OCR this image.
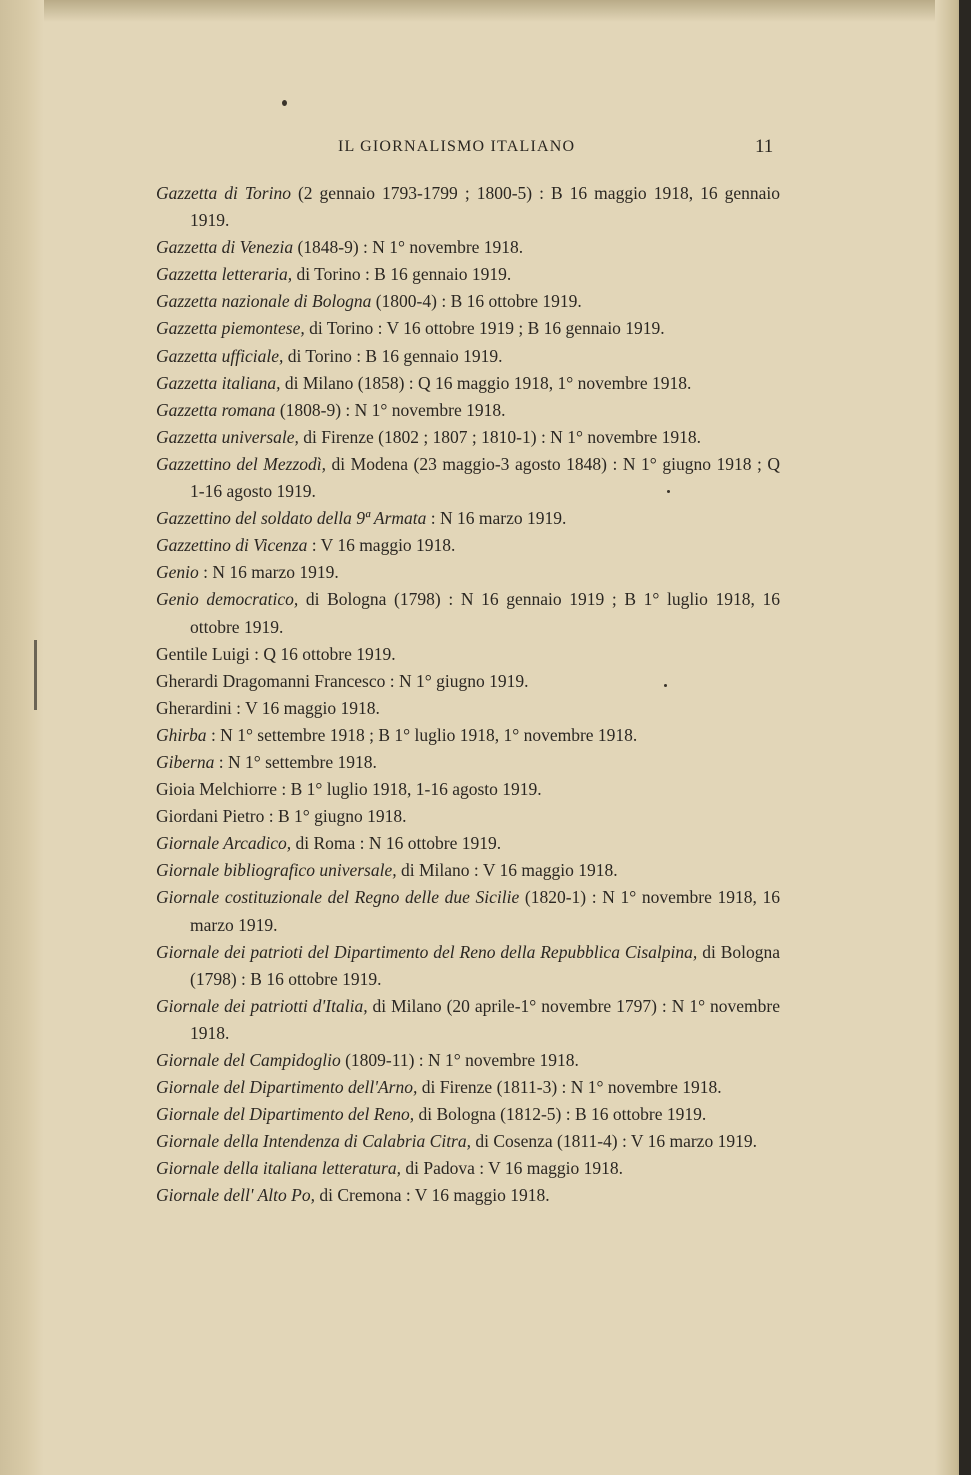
IL GIORNALISMO ITALIANO	11
Gazzetta di Torino (2 gennaio 1793-1799 ; 1800-5) : B 16 maggio 1918, 16 gennaio 1919.
Gazzetta di Venezia (1848-9) : N 1° novembre 1918.
Gazzetta letteraria, di Torino : B 16 gennaio 1919.
Gazzetta nazionale di Bologna (1800-4) : B 16 ottobre 1919.
Gazzetta piemontese, di Torino : V 16 ottobre 1919 ; B 16 gennaio 1919.
Gazzetta ufficiale, di Torino : B 16 gennaio 1919.
Gazzetta italiana, di Milano (1858) : Q 16 maggio 1918, 1° novembre 1918.
Gazzetta romana (1808-9) : N 1° novembre 1918.
Gazzetta universale, di Firenze (1802 ; 1807 ; 1810-1) : N 1° novembre 1918.
Gazzettino del Mezzodì, di Modena (23 maggio-3 agosto 1848) : N 1° giugno 1918 ; Q 1-16 agosto 1919.
Gazzettino del soldato della 9ª Armata : N 16 marzo 1919.
Gazzettino di Vicenza : V 16 maggio 1918.
Genio : N 16 marzo 1919.
Genio democratico, di Bologna (1798) : N 16 gennaio 1919 ; B 1° luglio 1918, 16 ottobre 1919.
Gentile Luigi : Q 16 ottobre 1919.
Gherardi Dragomanni Francesco : N 1° giugno 1919.
Gherardini : V 16 maggio 1918.
Ghirba : N 1° settembre 1918 ; B 1° luglio 1918, 1° novembre 1918.
Giberna : N 1° settembre 1918.
Gioia Melchiorre : B 1° luglio 1918, 1-16 agosto 1919.
Giordani Pietro : B 1° giugno 1918.
Giornale Arcadico, di Roma : N 16 ottobre 1919.
Giornale bibliografico universale, di Milano : V 16 maggio 1918.
Giornale costituzionale del Regno delle due Sicilie (1820-1) : N 1° novembre 1918, 16 marzo 1919.
Giornale dei patrioti del Dipartimento del Reno della Repubblica Cisalpina, di Bologna (1798) : B 16 ottobre 1919.
Giornale dei patriotti d'Italia, di Milano (20 aprile-1° novembre 1797) : N 1° novembre 1918.
Giornale del Campidoglio (1809-11) : N 1° novembre 1918.
Giornale del Dipartimento dell'Arno, di Firenze (1811-3) : N 1° novembre 1918.
Giornale del Dipartimento del Reno, di Bologna (1812-5) : B 16 ottobre 1919.
Giornale della Intendenza di Calabria Citra, di Cosenza (1811-4) : V 16 marzo 1919.
Giornale della italiana letteratura, di Padova : V 16 maggio 1918.
Giornale dell' Alto Po, di Cremona : V 16 maggio 1918.
